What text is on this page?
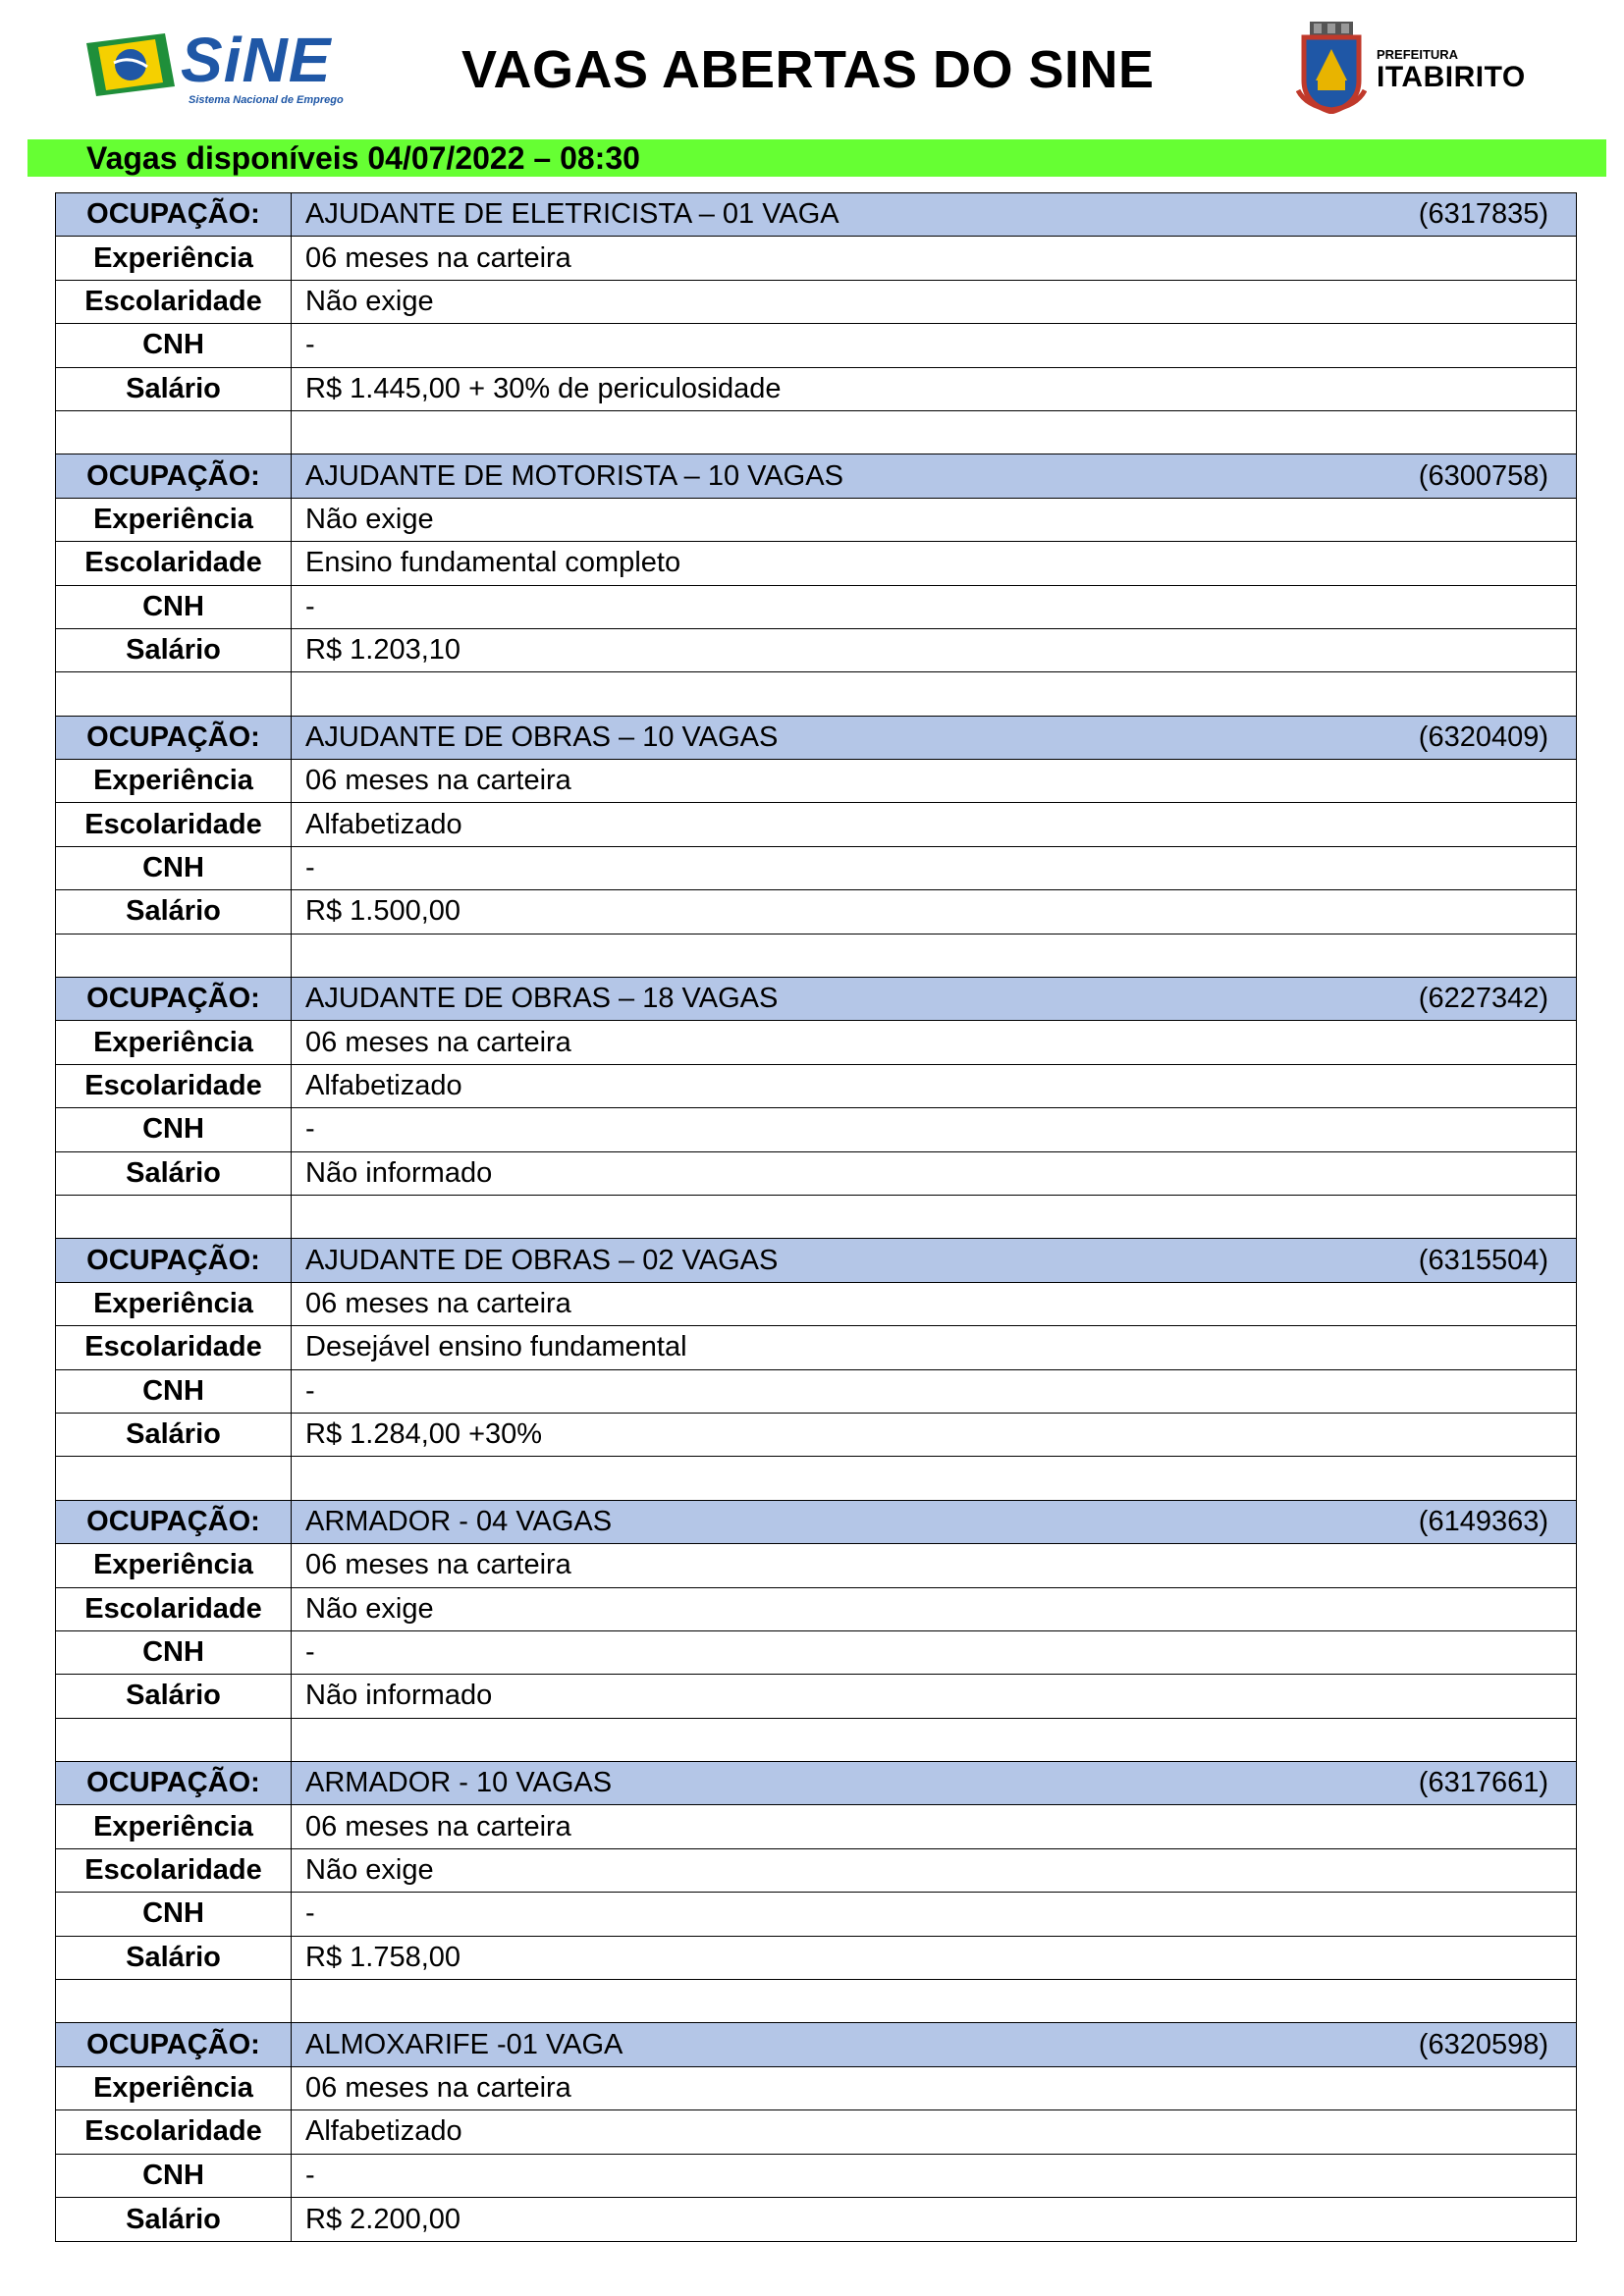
SiNE
Sistema Nacional de Emprego
VAGAS ABERTAS DO SINE	PREFEITURA
ITABIRITO
Vagas disponíveis 04/07/2022 – 08:30
OCUPAÇÃO:	AJUDANTE DE ELETRICISTA – 01 VAGA	(6317835)
Experiência	06 meses na carteira
Escolaridade	Não exige
CNH	-
Salário	R$ 1.445,00 + 30% de periculosidade
OCUPAÇÃO:	AJUDANTE DE MOTORISTA – 10 VAGAS	(6300758)
Experiência	Não exige
Escolaridade	Ensino fundamental completo
CNH	-
Salário	R$ 1.203,10
OCUPAÇÃO:	AJUDANTE DE OBRAS – 10 VAGAS	(6320409)
Experiência	06 meses na carteira
Escolaridade	Alfabetizado
CNH	-
Salário	R$ 1.500,00
OCUPAÇÃO:	AJUDANTE DE OBRAS – 18 VAGAS	(6227342)
Experiência	06 meses na carteira
Escolaridade	Alfabetizado
CNH	-
Salário	Não informado
OCUPAÇÃO:	AJUDANTE DE OBRAS – 02 VAGAS	(6315504)
Experiência	06 meses na carteira
Escolaridade	Desejável ensino fundamental
CNH	-
Salário	R$ 1.284,00 +30%
OCUPAÇÃO:	ARMADOR - 04 VAGAS	(6149363)
Experiência	06 meses na carteira
Escolaridade	Não exige
CNH	-
Salário	Não informado
OCUPAÇÃO:	ARMADOR - 10 VAGAS	(6317661)
Experiência	06 meses na carteira
Escolaridade	Não exige
CNH	-
Salário	R$ 1.758,00
OCUPAÇÃO:	ALMOXARIFE -01 VAGA	(6320598)
Experiência	06 meses na carteira
Escolaridade	Alfabetizado
CNH	-
Salário	R$ 2.200,00
